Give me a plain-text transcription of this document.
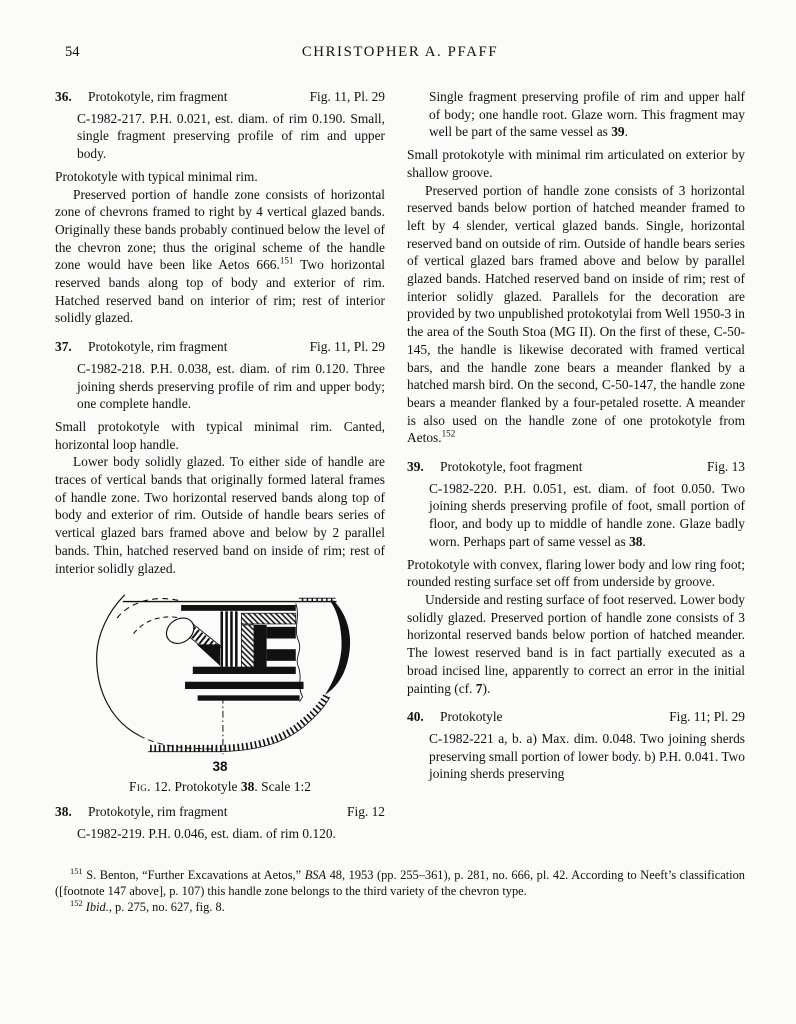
54	CHRISTOPHER A. PFAFF
36.	Protokotyle, rim fragment	Fig. 11, Pl. 29

C-1982-217. P.H. 0.021, est. diam. of rim 0.190. Small, single fragment preserving profile of rim and upper body.

Protokotyle with typical minimal rim.

Preserved portion of handle zone consists of horizontal zone of chevrons framed to right by 4 vertical glazed bands. Originally these bands probably continued below the level of the chevron zone; thus the original scheme of the handle zone would have been like Aetos 666.$^{151}$ Two horizontal reserved bands along top of body and exterior of rim. Hatched reserved band on interior of rim; rest of interior solidly glazed.

37.	Protokotyle, rim fragment	Fig. 11, Pl. 29

C-1982-218. P.H. 0.038, est. diam. of rim 0.120. Three joining sherds preserving profile of rim and upper body; one complete handle.

Small protokotyle with typical minimal rim. Canted, horizontal loop handle.

Lower body solidly glazed. To either side of handle are traces of vertical bands that originally formed lateral frames of handle zone. Two horizontal reserved bands along top of body and exterior of rim. Outside of handle bears series of vertical glazed bars framed above and below by 2 parallel bands. Thin, hatched reserved band on inside of rim; rest of interior solidly glazed.

38
Fig. 12. Protokotyle 38. Scale 1:2
38.	Protokotyle, rim fragment	Fig. 12

C-1982-219. P.H. 0.046, est. diam. of rim 0.120.

Single fragment preserving profile of rim and upper half of body; one handle root. Glaze worn. This fragment may well be part of the same vessel as 39.

Small protokotyle with minimal rim articulated on exterior by shallow groove.

Preserved portion of handle zone consists of 3 horizontal reserved bands below portion of hatched meander framed to left by 4 slender, vertical glazed bands. Single, horizontal reserved band on outside of rim. Outside of handle bears series of vertical glazed bars framed above and below by parallel glazed bands. Hatched reserved band on inside of rim; rest of interior solidly glazed. Parallels for the decoration are provided by two unpublished protokotylai from Well 1950-3 in the area of the South Stoa (MG II). On the first of these, C-50-145, the handle is likewise decorated with framed vertical bars, and the handle zone bears a meander flanked by a hatched marsh bird. On the second, C-50-147, the handle zone bears a meander flanked by a four-petaled rosette. A meander is also used on the handle zone of one protokotyle from Aetos.$^{152}$

39.	Protokotyle, foot fragment	Fig. 13

C-1982-220. P.H. 0.051, est. diam. of foot 0.050. Two joining sherds preserving profile of foot, small portion of floor, and body up to middle of handle zone. Glaze badly worn. Perhaps part of same vessel as 38.

Protokotyle with convex, flaring lower body and low ring foot; rounded resting surface set off from underside by groove.

Underside and resting surface of foot reserved. Lower body solidly glazed. Preserved portion of handle zone consists of 3 horizontal reserved bands below portion of hatched meander. The lowest reserved band is in fact partially executed as a broad incised line, apparently to correct an error in the initial painting (cf. 7).

40.	Protokotyle	Fig. 11; Pl. 29

C-1982-221 a, b. a) Max. dim. 0.048. Two joining sherds preserving small portion of lower body. b) P.H. 0.041. Two joining sherds preserving

$^{151}$ S. Benton, “Further Excavations at Aetos,” BSA 48, 1953 (pp. 255–361), p. 281, no. 666, pl. 42. According to Neeft’s classification ([footnote 147 above], p. 107) this handle zone belongs to the third variety of the chevron type.

$^{152}$ Ibid., p. 275, no. 627, fig. 8.
